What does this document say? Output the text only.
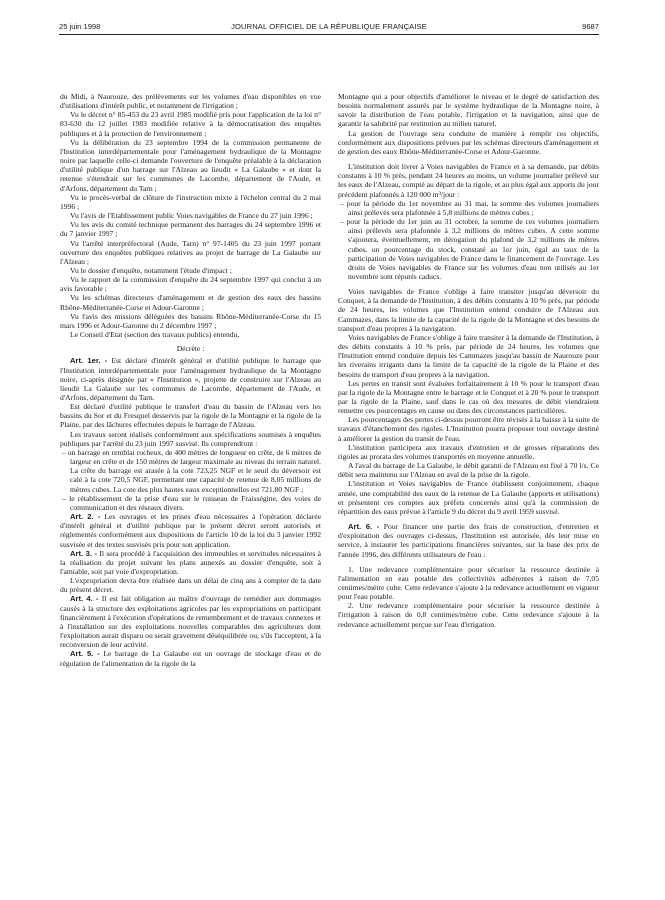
25 juin 1998	JOURNAL OFFICIEL DE LA RÉPUBLIQUE FRANÇAISE	9687

du Midi, à Naurouze, des prélèvements sur les volumes d'eau disponibles en vue d'utilisations d'intérêt public, et notamment de l'irrigation ;

Vu le décret n° 85-453 du 23 avril 1985 modifié pris pour l'application de la loi n° 83-630 du 12 juillet 1983 modifiée relative à la démocratisation des enquêtes publiques et à la protection de l'environnement ;

Vu la délibération du 23 septembre 1994 de la commission permanente de l'Institution interdépartementale pour l'aménagement hydraulique de la Montagne noire par laquelle celle-ci demande l'ouverture de l'enquête préalable à la déclaration d'utilité publique d'un barrage sur l'Alzeau au lieudit « La Galaube » et dont la retenue s'étendrait sur les communes de Lacombe, département de l'Aude, et d'Arfons, département du Tarn ;

Vu le procès-verbal de clôture de l'instruction mixte à l'échelon central du 2 mai 1996 ;

Vu l'avis de l'Etablissement public Voies navigables de France du 27 juin 1996 ;

Vu les avis du comité technique permanent des barrages du 24 septembre 1996 et du 7 janvier 1997 ;

Vu l'arrêté interpréfectoral (Aude, Tarn) n° 97-1405 du 23 juin 1997 portant ouverture des enquêtes publiques relatives au projet de barrage de La Galaube sur l'Alzeau ;

Vu le dossier d'enquête, notamment l'étude d'impact ;

Vu le rapport de la commission d'enquête du 24 septembre 1997 qui conclut à un avis favorable ;

Vu les schémas directeurs d'aménagement et de gestion des eaux des bassins Rhône-Méditerranée-Corse et Adour-Garonne ;

Vu l'avis des missions déléguées des bassins Rhône-Méditerranée-Corse du 15 mars 1996 et Adour-Garonne du 2 décembre 1997 ;

Le Conseil d'Etat (section des travaux publics) entendu,

Décrète :

Art. 1er. - Est déclaré d'intérêt général et d'utilité publique le barrage que l'Institution interdépartementale pour l'aménagement hydraulique de la Montagne noire, ci-après désignée par « l'Institution », projette de construire sur l'Alzeau au lieudit La Galaube sur les communes de Lacombe, département de l'Aude, et d'Arfons, département du Tarn.

Est déclaré d'utilité publique le transfert d'eau du bassin de l'Alzeau vers les bassins du Sor et du Fresquel desservis par la rigole de la Montagne et la rigole de la Plaine, par des lâchures effectuées depuis le barrage de l'Alzeau.

Les travaux seront réalisés conformément aux spécifications soumises à enquêtes publiques par l'arrêté du 23 juin 1997 susvisé. Ils comprendront :

– un barrage en remblai rocheux, de 400 mètres de longueur en crête, de 6 mètres de largeur en crête et de 150 mètres de largeur maximale au niveau du terrain naturel. La crête du barrage est arasée à la cote 723,25 NGF et le seuil du déversoir est calé à la cote 720,5 NGF, permettant une capacité de retenue de 8,05 millions de mètres cubes. La cote des plus hautes eaux exceptionnelles est 721,80 NGF ;
– le rétablissement de la prise d'eau sur le ruisseau de Fraisségine, des voies de communication et des réseaux divers.

Art. 2. - Les ouvrages et les prises d'eau nécessaires à l'opération déclarée d'intérêt général et d'utilité publique par le présent décret seront autorisés et réglementés conformément aux dispositions de l'article 10 de la loi du 3 janvier 1992 susvisée et des textes susvisés pris pour son application.

Art. 3. - Il sera procédé à l'acquisition des immeubles et servitudes nécessaires à la réalisation du projet suivant les plans annexés au dossier d'enquête, soit à l'amiable, soit par voie d'expropriation.

L'expropriation devra être réalisée dans un délai de cinq ans à compter de la date du présent décret.

Art. 4. - Il est fait obligation au maître d'ouvrage de remédier aux dommages causés à la structure des exploitations agricoles par les expropriations en participant financièrement à l'exécution d'opérations de remembrement et de travaux connexes et à l'installation sur des exploitations nouvelles comparables des agriculteurs dont l'exploitation aurait disparu ou serait gravement déséquilibrée ou, s'ils l'acceptent, à la reconversion de leur activité.

Art. 5. - Le barrage de La Galaube est un ouvrage de stockage d'eau et de régulation de l'alimentation de la rigole de la

Montagne qui a pour objectifs d'améliorer le niveau et le degré de satisfaction des besoins normalement assurés par le système hydraulique de la Montagne noire, à savoir la distribution de l'eau potable, l'irrigation et la navigation, ainsi que de garantir la salubrité par restitution au milieu naturel.

La gestion de l'ouvrage sera conduite de manière à remplir ces objectifs, conformément aux dispositions prévues par les schémas directeurs d'aménagement et de gestion des eaux Rhône-Méditerranée-Corse et Adour-Garonne.

L'institution doit livrer à Voies navigables de France et à sa demande, par débits constants à 10 % près, pendant 24 heures au moins, un volume journalier prélevé sur les eaux de l'Alzeau, compté au départ de la rigole, et au plus égal aux apports du jour précédent plafonnés à 120 000 m³/jour :

– pour la période du 1er novembre au 31 mai, la somme des volumes journaliers ainsi prélevés sera plafonnée à 5,8 millions de mètres cubes ;
– pour la période du 1er juin au 31 octobre, la somme de ces volumes journaliers ainsi prélevés sera plafonnée à 3,2 millions de mètres cubes. A cette somme s'ajoutera, éventuellement, en dérogation du plafond de 3,2 millions de mètres cubes, un pourcentage du stock, constaté au 1er juin, égal au taux de la participation de Voies navigables de France dans le financement de l'ouvrage. Les droits de Voies navigables de France sur les volumes d'eau non utilisés au 1er novembre sont réputés caducs.

Voies navigables de France s'oblige à faire transiter jusqu'au déversoir du Conquet, à la demande de l'Institution, à des débits constants à 10 % près, par période de 24 heures, les volumes que l'Institution entend conduire de l'Alzeau aux Cammazes, dans la limite de la capacité de la rigole de la Montagne et des besoins de transport d'eau propres à la navigation.

Voies navigables de France s'oblige à faire transiter à la demande de l'Institution, à des débits constants à 10 % près, par période de 24 heures, les volumes que l'Institution entend conduire depuis les Cammazes jusqu'au bassin de Naurouze pour les riverains irrigants dans la limite de la capacité de la rigole de la Plaine et des besoins de transport d'eau propres à la navigation.

Les pertes en transit sont évaluées forfaitairement à 10 % pour le transport d'eau par la rigole de la Montagne entre le barrage et le Conquet et à 20 % pour le transport par la rigole de la Plaine, sauf dans le cas où des mesures de débit viendraient remettre ces pourcentages en cause ou dans des circonstances particulières.

Les pourcentages des pertes ci-dessus pourront être révisés à la baisse à la suite de travaux d'étanchement des rigoles. L'Institution pourra proposer tout ouvrage destiné à améliorer la gestion du transit de l'eau.

L'institution participera aux travaux d'entretien et de grosses réparations des rigoles au prorata des volumes transportés en moyenne annuelle.

A l'aval du barrage de La Galaube, le débit garanti de l'Alzeau est fixé à 70 l/s. Ce débit sera maintenu sur l'Alzeau en aval de la prise de la rigole.

L'institution et Voies navigables de France établissent conjointement, chaque année, une comptabilité des eaux de la retenue de La Galaube (apports et utilisations) et présentent ces comptes aux préfets concernés ainsi qu'à la commission de répartition des eaux prévue à l'article 9 du décret du 9 avril 1959 susvisé.

Art. 6. - Pour financer une partie des frais de construction, d'entretien et d'exploitation des ouvrages ci-dessus, l'Institution est autorisée, dès leur mise en service, à instaurer les participations financières suivantes, sur la base des prix de l'année 1996, des différents utilisateurs de l'eau :

1. Une redevance complémentaire pour sécuriser la ressource destinée à l'alimentation en eau potable des collectivités adhérentes à raison de 7,05 centimes/mètre cube. Cette redevance s'ajoute à la redevance actuellement en vigueur pour l'eau potable.

2. Une redevance complémentaire pour sécuriser la ressource destinée à l'irrigation à raison de 0,8 centimes/mètre cube. Cette redevance s'ajoute à la redevance actuellement perçue sur l'eau d'irrigation.
